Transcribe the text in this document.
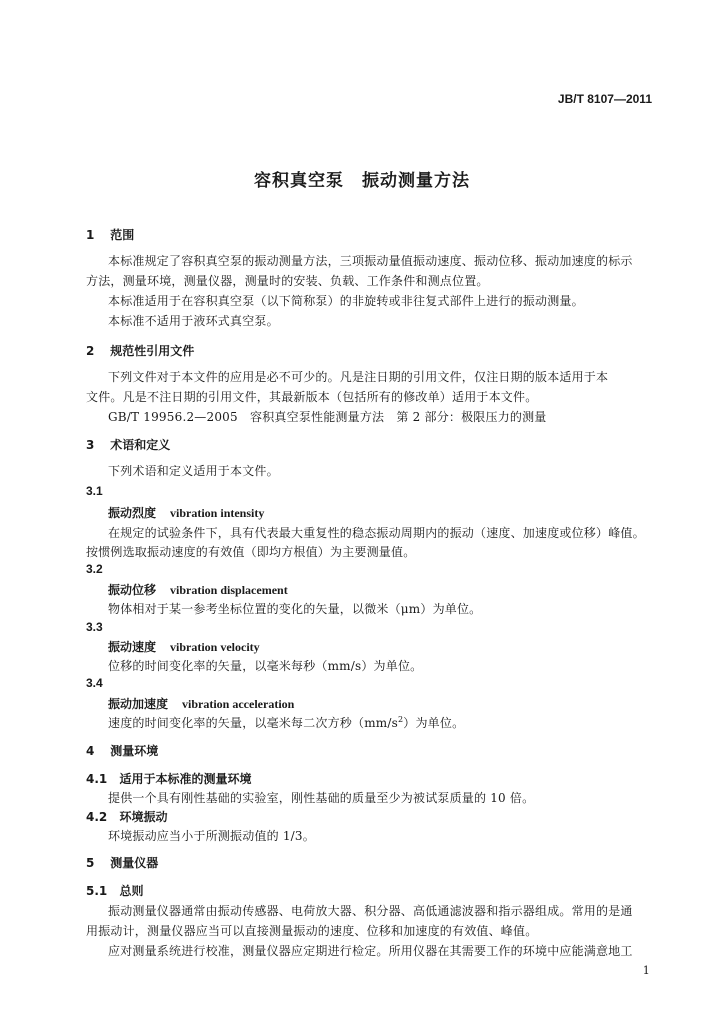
JB/T 8107—2011
容积真空泵　振动测量方法
1 范围
本标准规定了容积真空泵的振动测量方法，三项振动量值振动速度、振动位移、振动加速度的标示
方法，测量环境，测量仪器，测量时的安装、负载、工作条件和测点位置。
本标准适用于在容积真空泵（以下简称泵）的非旋转或非往复式部件上进行的振动测量。
本标准不适用于液环式真空泵。
2 规范性引用文件
下列文件对于本文件的应用是必不可少的。凡是注日期的引用文件，仅注日期的版本适用于本
文件。凡是不注日期的引用文件，其最新版本（包括所有的修改单）适用于本文件。
GB/T 19956.2—2005　容积真空泵性能测量方法　第 2 部分：极限压力的测量
3 术语和定义
下列术语和定义适用于本文件。
3.1
振动烈度 vibration intensity
在规定的试验条件下，具有代表最大重复性的稳态振动周期内的振动（速度、加速度或位移）峰值。
按惯例选取振动速度的有效值（即均方根值）为主要测量值。
3.2
振动位移 vibration displacement
物体相对于某一参考坐标位置的变化的矢量，以微米（μm）为单位。
3.3
振动速度 vibration velocity
位移的时间变化率的矢量，以毫米每秒（mm/s）为单位。
3.4
振动加速度 vibration acceleration
速度的时间变化率的矢量，以毫米每二次方秒$(mm/s^2)$为单位。
4 测量环境
4.1 适用于本标准的测量环境
提供一个具有刚性基础的实验室，刚性基础的质量至少为被试泵质量的 10 倍。
4.2 环境振动
环境振动应当小于所测振动值的 1/3。
5 测量仪器
5.1 总则
振动测量仪器通常由振动传感器、电荷放大器、积分器、高低通滤波器和指示器组成。常用的是通
用振动计，测量仪器应当可以直接测量振动的速度、位移和加速度的有效值、峰值。
应对测量系统进行校准，测量仪器应定期进行检定。所用仪器在其需要工作的环境中应能满意地工
1
